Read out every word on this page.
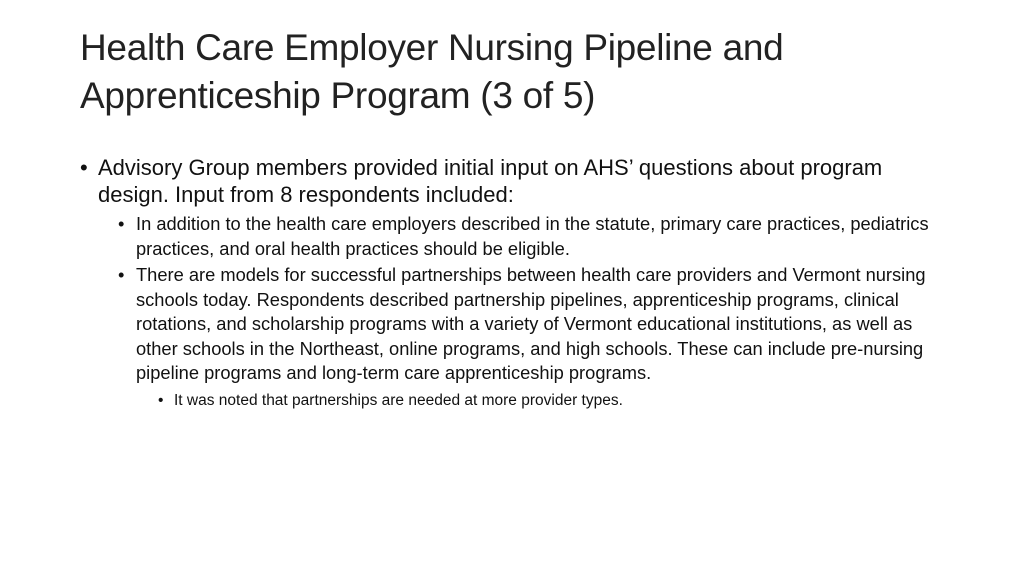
Health Care Employer Nursing Pipeline and Apprenticeship Program (3 of 5)
• Advisory Group members provided initial input on AHS’ questions about program design. Input from 8 respondents included:
• In addition to the health care employers described in the statute, primary care practices, pediatrics practices, and oral health practices should be eligible.
• There are models for successful partnerships between health care providers and Vermont nursing schools today. Respondents described partnership pipelines, apprenticeship programs, clinical rotations, and scholarship programs with a variety of Vermont educational institutions, as well as other schools in the Northeast, online programs, and high schools. These can include pre-nursing pipeline programs and long-term care apprenticeship programs.
• It was noted that partnerships are needed at more provider types.
